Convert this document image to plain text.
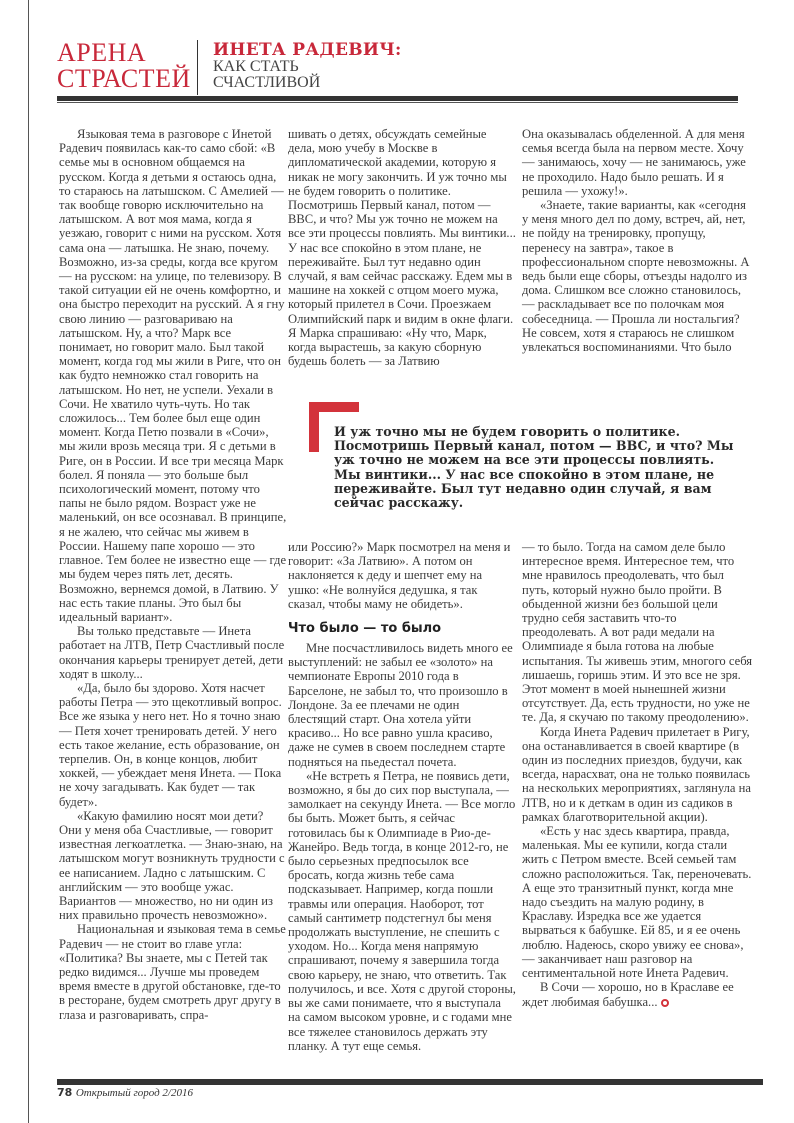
АРЕНА
СТРАСТЕЙ
ИНЕТА РАДЕВИЧ:
КАК СТАТЬ
СЧАСТЛИВОЙ

Языковая тема в разговоре с Инетой Радевич появилась как-то само сбой: «В семье мы в основном общаемся на русском. Когда я детьми я остаюсь одна, то стараюсь на латышском. С Амелией — так вообще говорю исключительно на латышском. А вот моя мама, когда я уезжаю, говорит с ними на русском. Хотя сама она — латышка. Не знаю, почему. Возможно, из-за среды, когда все кругом — на русском: на улице, по телевизору. В такой ситуации ей не очень комфортно, и она быстро переходит на русский. А я гну свою линию — разговариваю на латышском. Ну, а что? Марк все понимает, но говорит мало. Был такой момент, когда год мы жили в Риге, что он как будто немножко стал говорить на латышском. Но нет, не успели. Уехали в Сочи. Не хватило чуть-чуть. Но так сложилось... Тем более был еще один момент. Когда Петю позвали в «Сочи», мы жили врозь месяца три. Я с детьми в Риге, он в России. И все три месяца Марк болел. Я поняла — это больше был психологический момент, потому что папы не было рядом. Возраст уже не маленький, он все осознавал. В принципе, я не жалею, что сейчас мы живем в России. Нашему папе хорошо — это главное. Тем более не известно еще — где мы будем через пять лет, десять. Возможно, вернемся домой, в Латвию. У нас есть такие планы. Это был бы идеальный вариант».

Вы только представьте — Инета работает на ЛТВ, Петр Счастливый после окончания карьеры тренирует детей, дети ходят в школу...

«Да, было бы здорово. Хотя насчет работы Петра — это щекотливый вопрос. Все же языка у него нет. Но я точно знаю — Петя хочет тренировать детей. У него есть такое желание, есть образование, он терпелив. Он, в конце концов, любит хоккей, — убеждает меня Инета. — Пока не хочу загадывать. Как будет — так будет».

«Какую фамилию носят мои дети? Они у меня оба Счастливые, — говорит известная легкоатлетка. — Знаю-знаю, на латышском могут возникнуть трудности с ее написанием. Ладно с латышским. С английским — это вообще ужас. Вариантов — множество, но ни один из них правильно прочесть невозможно».

Национальная и языковая тема в семье Радевич — не стоит во главе угла: «Политика? Вы знаете, мы с Петей так редко видимся... Лучше мы проведем время вместе в другой обстановке, где-то в ресторане, будем смотреть друг другу в глаза и разговаривать, спра-

шивать о детях, обсуждать семейные дела, мою учебу в Москве в дипломатической академии, которую я никак не могу закончить. И уж точно мы не будем говорить о политике. Посмотришь Первый канал, потом — BBC, и что? Мы уж точно не можем на все эти процессы повлиять. Мы винтики... У нас все спокойно в этом плане, не переживайте. Был тут недавно один случай, я вам сейчас расскажу. Едем мы в машине на хоккей с отцом моего мужа, который прилетел в Сочи. Проезжаем Олимпийский парк и видим в окне флаги. Я Марка спрашиваю: «Ну что, Марк, когда вырастешь, за какую сборную будешь болеть — за Латвию

Она оказывалась обделенной. А для меня семья всегда была на первом месте. Хочу — занимаюсь, хочу — не занимаюсь, уже не проходило. Надо было решать. И я решила — ухожу!».

«Знаете, такие варианты, как «сегодня у меня много дел по дому, встреч, ай, нет, не пойду на тренировку, пропущу, перенесу на завтра», такое в профессиональном спорте невозможны. А ведь были еще сборы, отъезды надолго из дома. Слишком все сложно становилось, — раскладывает все по полочкам моя собеседница. — Прошла ли ностальгия? Не совсем, хотя я стараюсь не слишком увлекаться воспоминаниями. Что было

И уж точно мы не будем говорить о политике. Посмотришь Первый канал, потом — BBC, и что? Мы уж точно не можем на все эти процессы повлиять. Мы винтики... У нас все спокойно в этом плане, не переживайте. Был тут недавно один случай, я вам сейчас расскажу.

или Россию?» Марк посмотрел на меня и говорит: «За Латвию». А потом он наклоняется к деду и шепчет ему на ушко: «Не волнуйся дедушка, я так сказал, чтобы маму не обидеть».

Что было — то было

Мне посчастливилось видеть много ее выступлений: не забыл ее «золото» на чемпионате Европы 2010 года в Барселоне, не забыл то, что произошло в Лондоне. За ее плечами не один блестящий старт. Она хотела уйти красиво... Но все равно ушла красиво, даже не сумев в своем последнем старте подняться на пьедестал почета.

«Не встреть я Петра, не появись дети, возможно, я бы до сих пор выступала, — замолкает на секунду Инета. — Все могло бы быть. Может быть, я сейчас готовилась бы к Олимпиаде в Рио-де-Жанейро. Ведь тогда, в конце 2012-го, не было серьезных предпосылок все бросать, когда жизнь тебе сама подсказывает. Например, когда пошли травмы или операция. Наоборот, тот самый сантиметр подстегнул бы меня продолжать выступление, не спешить с уходом. Но... Когда меня напрямую спрашивают, почему я завершила тогда свою карьеру, не знаю, что ответить. Так получилось, и все. Хотя с другой стороны, вы же сами понимаете, что я выступала на самом высоком уровне, и с годами мне все тяжелее становилось держать эту планку. А тут еще семья.

— то было. Тогда на самом деле было интересное время. Интересное тем, что мне нравилось преодолевать, что был путь, который нужно было пройти. В обыденной жизни без большой цели трудно себя заставить что-то преодолевать. А вот ради медали на Олимпиаде я была готова на любые испытания. Ты живешь этим, многого себя лишаешь, горишь этим. И это все не зря. Этот момент в моей нынешней жизни отсутствует. Да, есть трудности, но уже не те. Да, я скучаю по такому преодолению».

Когда Инета Радевич прилетает в Ригу, она останавливается в своей квартире (в один из последних приездов, будучи, как всегда, нарасхват, она не только появилась на нескольких мероприятиях, заглянула на ЛТВ, но и к деткам в один из садиков в рамках благотворительной акции).

«Есть у нас здесь квартира, правда, маленькая. Мы ее купили, когда стали жить с Петром вместе. Всей семьей там сложно расположиться. Так, переночевать. А еще это транзитный пункт, когда мне надо съездить на малую родину, в Краславу. Изредка все же удается вырваться к бабушке. Ей 85, и я ее очень люблю. Надеюсь, скоро увижу ее снова», — заканчивает наш разговор на сентиментальной ноте Инета Радевич.

В Сочи — хорошо, но в Краславе ее ждет любимая бабушка...

78 Открытый город 2/2016
